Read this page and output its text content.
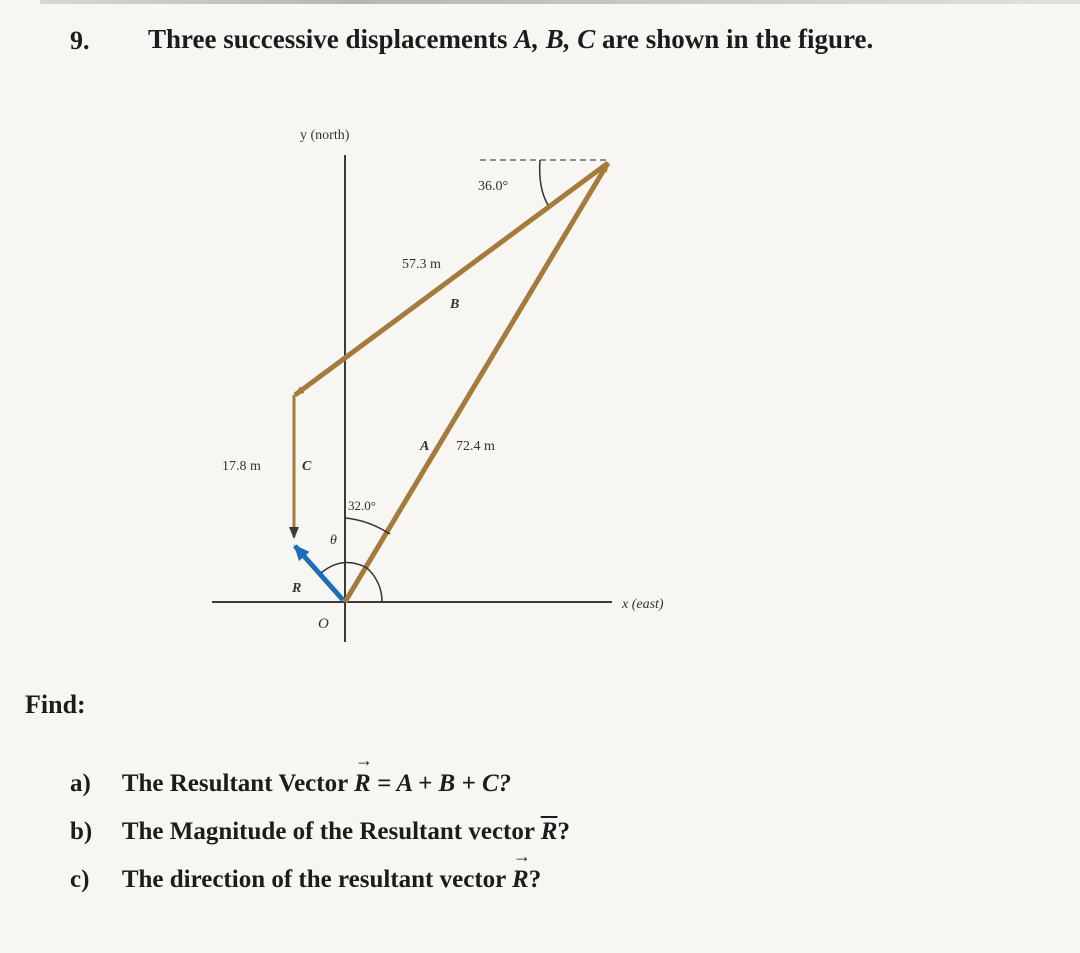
9. Three successive displacements A, B, C are shown in the figure.
y (north)
x (east)
O
36.0°
57.3 m
B
A 72.4 m
17.8 m	C
32.0°
θ
R
Find:
a) The Resultant Vector R → = A + B + C?
b) The Magnitude of the Resultant vector $\overline{R}$?
c) The direction of the resultant vector R →?
